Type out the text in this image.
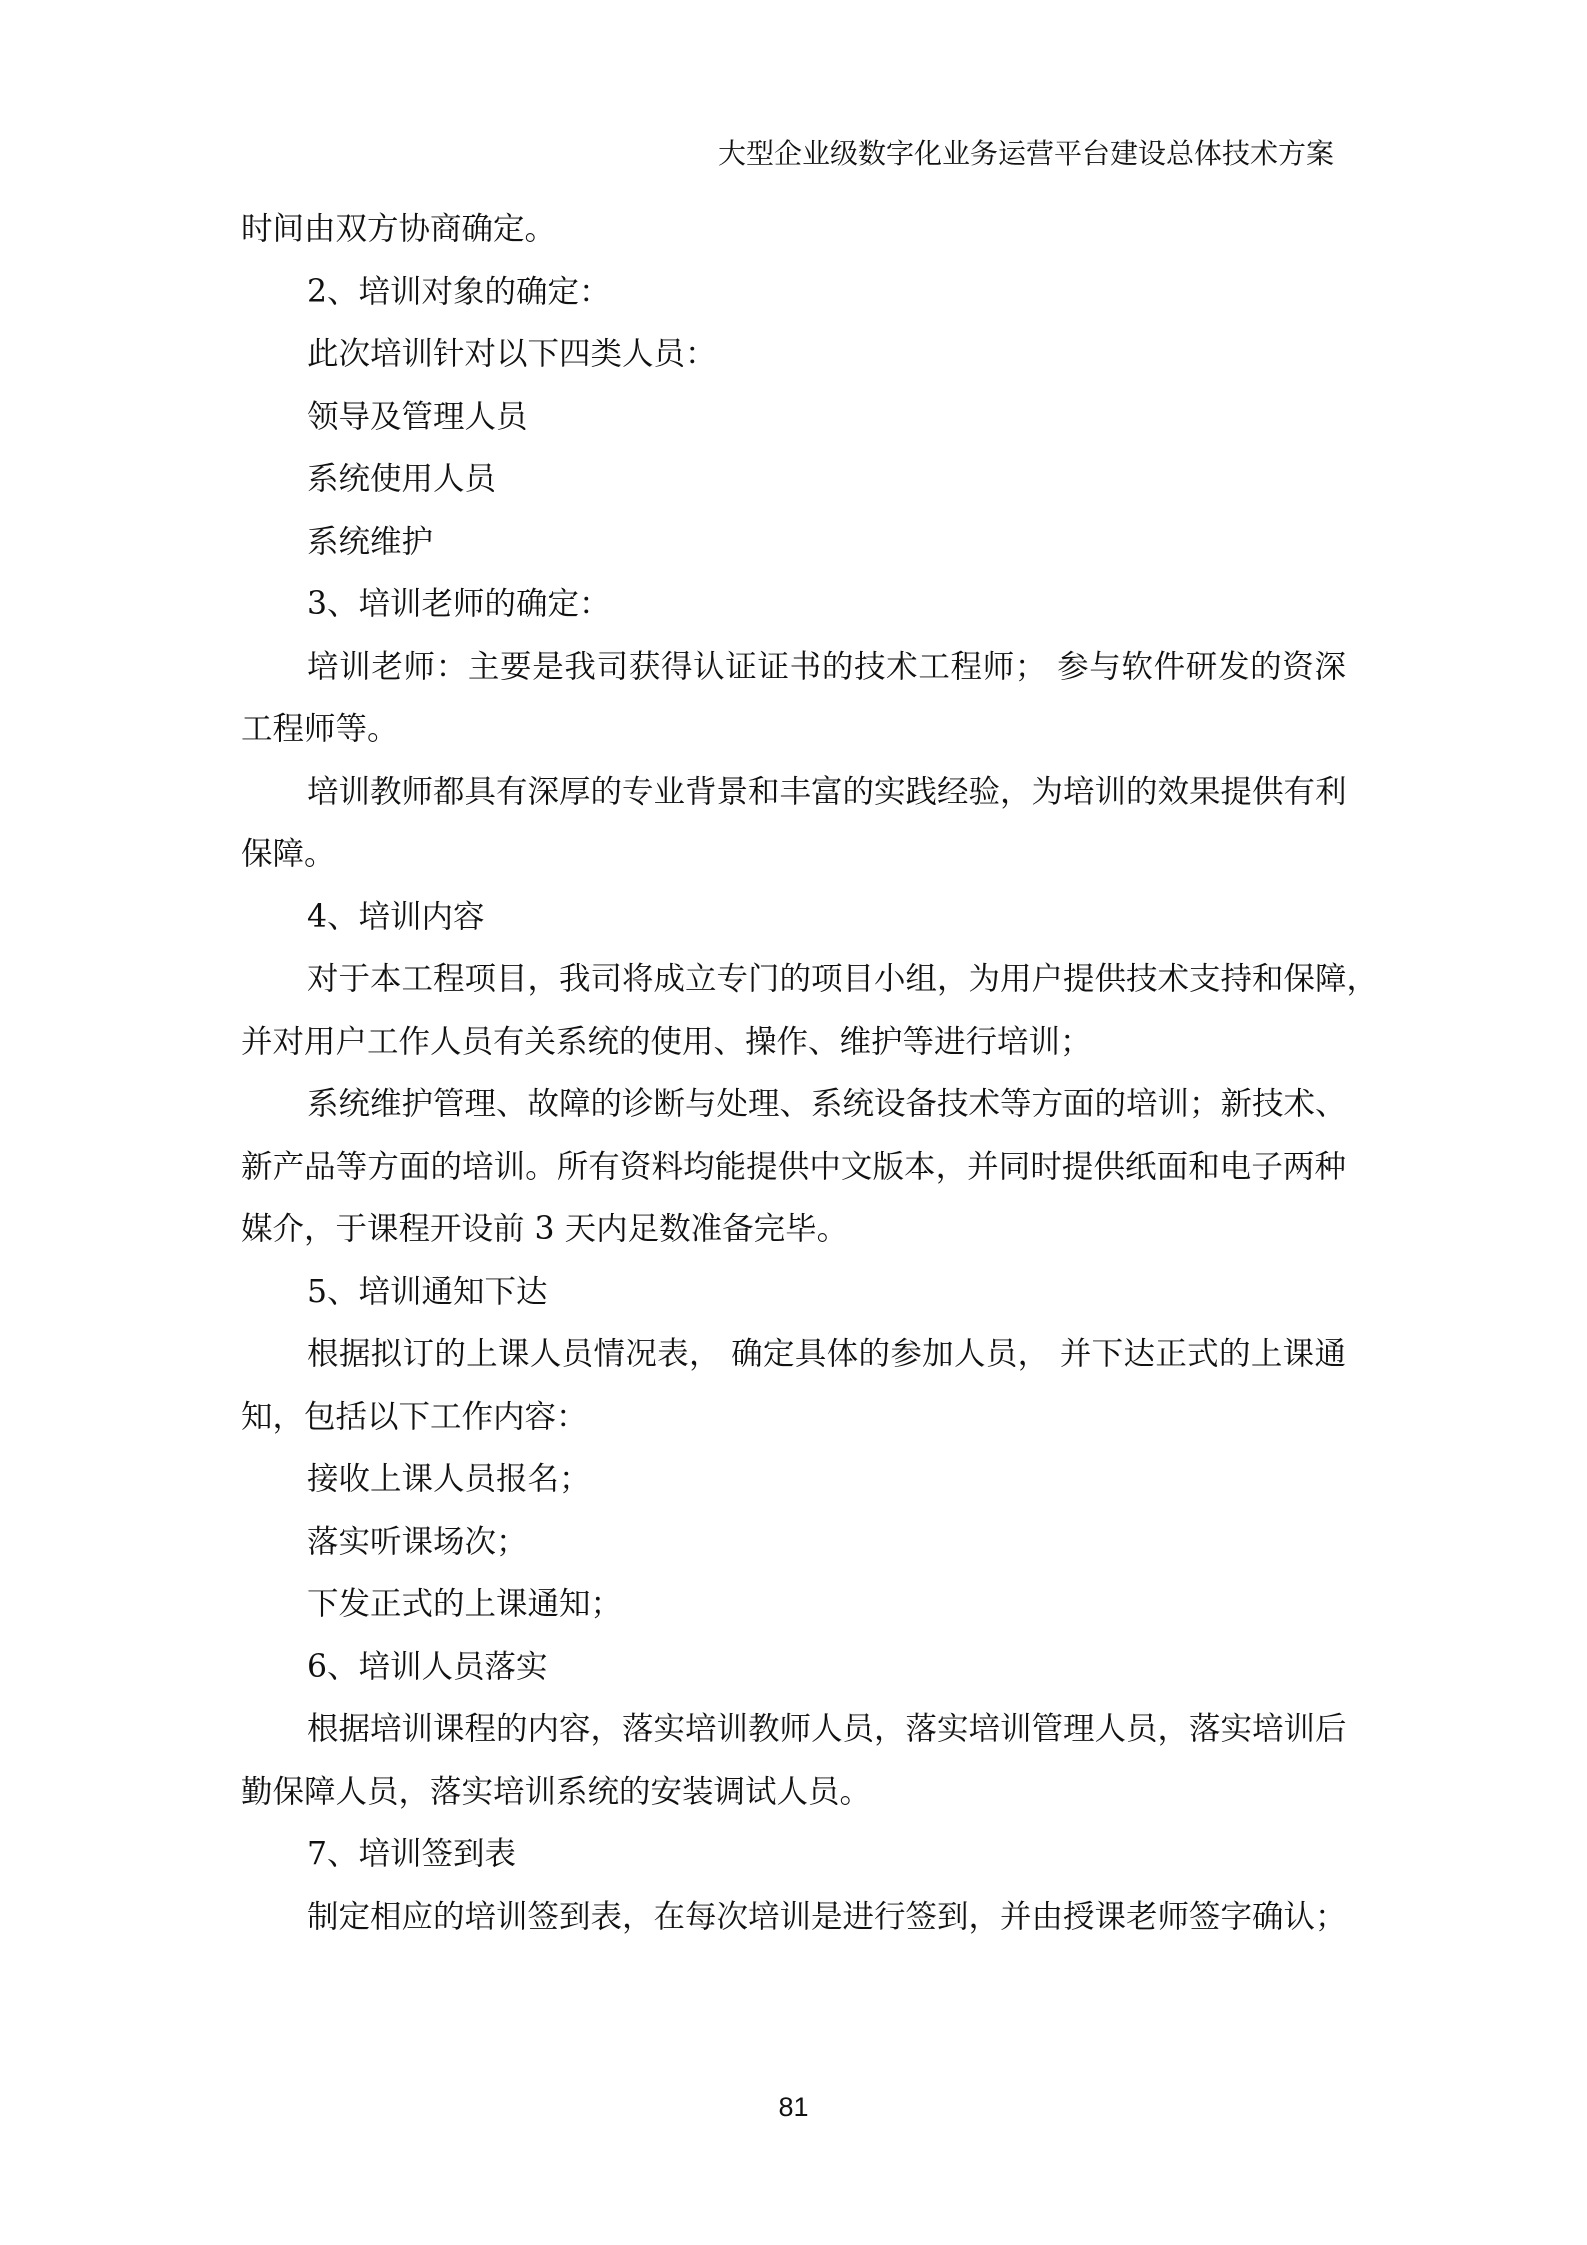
大型企业级数字化业务运营平台建设总体技术方案
时间由双方协商确定。
2、培训对象的确定：
此次培训针对以下四类人员：
领导及管理人员
系统使用人员
系统维护
3、培训老师的确定：
培训老师：主要是我司获得认证证书的技术工程师； 参与软件研发的资深
工程师等。
培训教师都具有深厚的专业背景和丰富的实践经验，为培训的效果提供有利
保障。
4、培训内容
对于本工程项目，我司将成立专门的项目小组，为用户提供技术支持和保障，
并对用户工作人员有关系统的使用、操作、维护等进行培训；
系统维护管理、故障的诊断与处理、系统设备技术等方面的培训；新技术、
新产品等方面的培训。所有资料均能提供中文版本，并同时提供纸面和电子两种
媒介，于课程开设前 3 天内足数准备完毕。
5、培训通知下达
根据拟订的上课人员情况表， 确定具体的参加人员， 并下达正式的上课通
知，包括以下工作内容：
接收上课人员报名；
落实听课场次；
下发正式的上课通知；
6、培训人员落实
根据培训课程的内容，落实培训教师人员，落实培训管理人员，落实培训后
勤保障人员，落实培训系统的安装调试人员。
7、培训签到表
制定相应的培训签到表，在每次培训是进行签到，并由授课老师签字确认；
81
